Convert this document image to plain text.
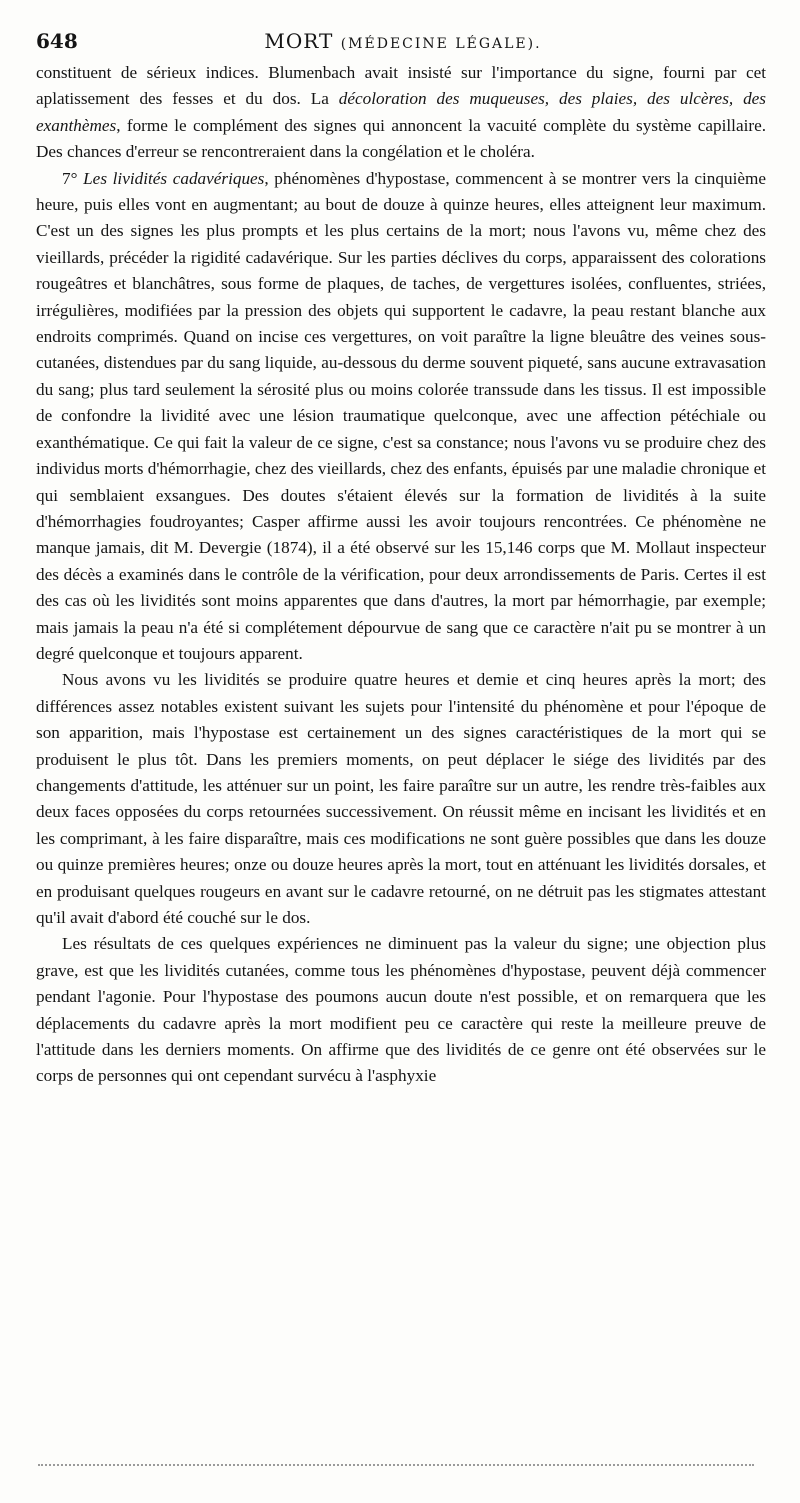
648	MORT (MÉDECINE LÉGALE).

constituent de sérieux indices. Blumenbach avait insisté sur l'importance du signe, fourni par cet aplatissement des fesses et du dos. La décoloration des muqueuses, des plaies, des ulcères, des exanthèmes, forme le complément des signes qui annoncent la vacuité complète du système capillaire. Des chances d'erreur se rencontreraient dans la congélation et le choléra.

7° Les lividités cadavériques, phénomènes d'hypostase, commencent à se montrer vers la cinquième heure, puis elles vont en augmentant; au bout de douze à quinze heures, elles atteignent leur maximum. C'est un des signes les plus prompts et les plus certains de la mort; nous l'avons vu, même chez des vieillards, précéder la rigidité cadavérique. Sur les parties déclives du corps, apparaissent des colorations rougeâtres et blanchâtres, sous forme de plaques, de taches, de vergettures isolées, confluentes, striées, irrégulières, modifiées par la pression des objets qui supportent le cadavre, la peau restant blanche aux endroits comprimés. Quand on incise ces vergettures, on voit paraître la ligne bleuâtre des veines sous-cutanées, distendues par du sang liquide, au-dessous du derme souvent piqueté, sans aucune extravasation du sang; plus tard seulement la sérosité plus ou moins colorée transsude dans les tissus. Il est impossible de confondre la lividité avec une lésion traumatique quelconque, avec une affection pétéchiale ou exanthématique. Ce qui fait la valeur de ce signe, c'est sa constance; nous l'avons vu se produire chez des individus morts d'hémorrhagie, chez des vieillards, chez des enfants, épuisés par une maladie chronique et qui semblaient exsangues. Des doutes s'étaient élevés sur la formation de lividités à la suite d'hémorrhagies foudroyantes; Casper affirme aussi les avoir toujours rencontrées. Ce phénomène ne manque jamais, dit M. Devergie (1874), il a été observé sur les 15,146 corps que M. Mollaut inspecteur des décès a examinés dans le contrôle de la vérification, pour deux arrondissements de Paris. Certes il est des cas où les lividités sont moins apparentes que dans d'autres, la mort par hémorrhagie, par exemple; mais jamais la peau n'a été si complétement dépourvue de sang que ce caractère n'ait pu se montrer à un degré quelconque et toujours apparent.

Nous avons vu les lividités se produire quatre heures et demie et cinq heures après la mort; des différences assez notables existent suivant les sujets pour l'intensité du phénomène et pour l'époque de son apparition, mais l'hypostase est certainement un des signes caractéristiques de la mort qui se produisent le plus tôt. Dans les premiers moments, on peut déplacer le siége des lividités par des changements d'attitude, les atténuer sur un point, les faire paraître sur un autre, les rendre très-faibles aux deux faces opposées du corps retournées successivement. On réussit même en incisant les lividités et en les comprimant, à les faire disparaître, mais ces modifications ne sont guère possibles que dans les douze ou quinze premières heures; onze ou douze heures après la mort, tout en atténuant les lividités dorsales, et en produisant quelques rougeurs en avant sur le cadavre retourné, on ne détruit pas les stigmates attestant qu'il avait d'abord été couché sur le dos.

Les résultats de ces quelques expériences ne diminuent pas la valeur du signe; une objection plus grave, est que les lividités cutanées, comme tous les phénomènes d'hypostase, peuvent déjà commencer pendant l'agonie. Pour l'hypostase des poumons aucun doute n'est possible, et on remarquera que les déplacements du cadavre après la mort modifient peu ce caractère qui reste la meilleure preuve de l'attitude dans les derniers moments. On affirme que des lividités de ce genre ont été observées sur le corps de personnes qui ont cependant survécu à l'asphyxie
